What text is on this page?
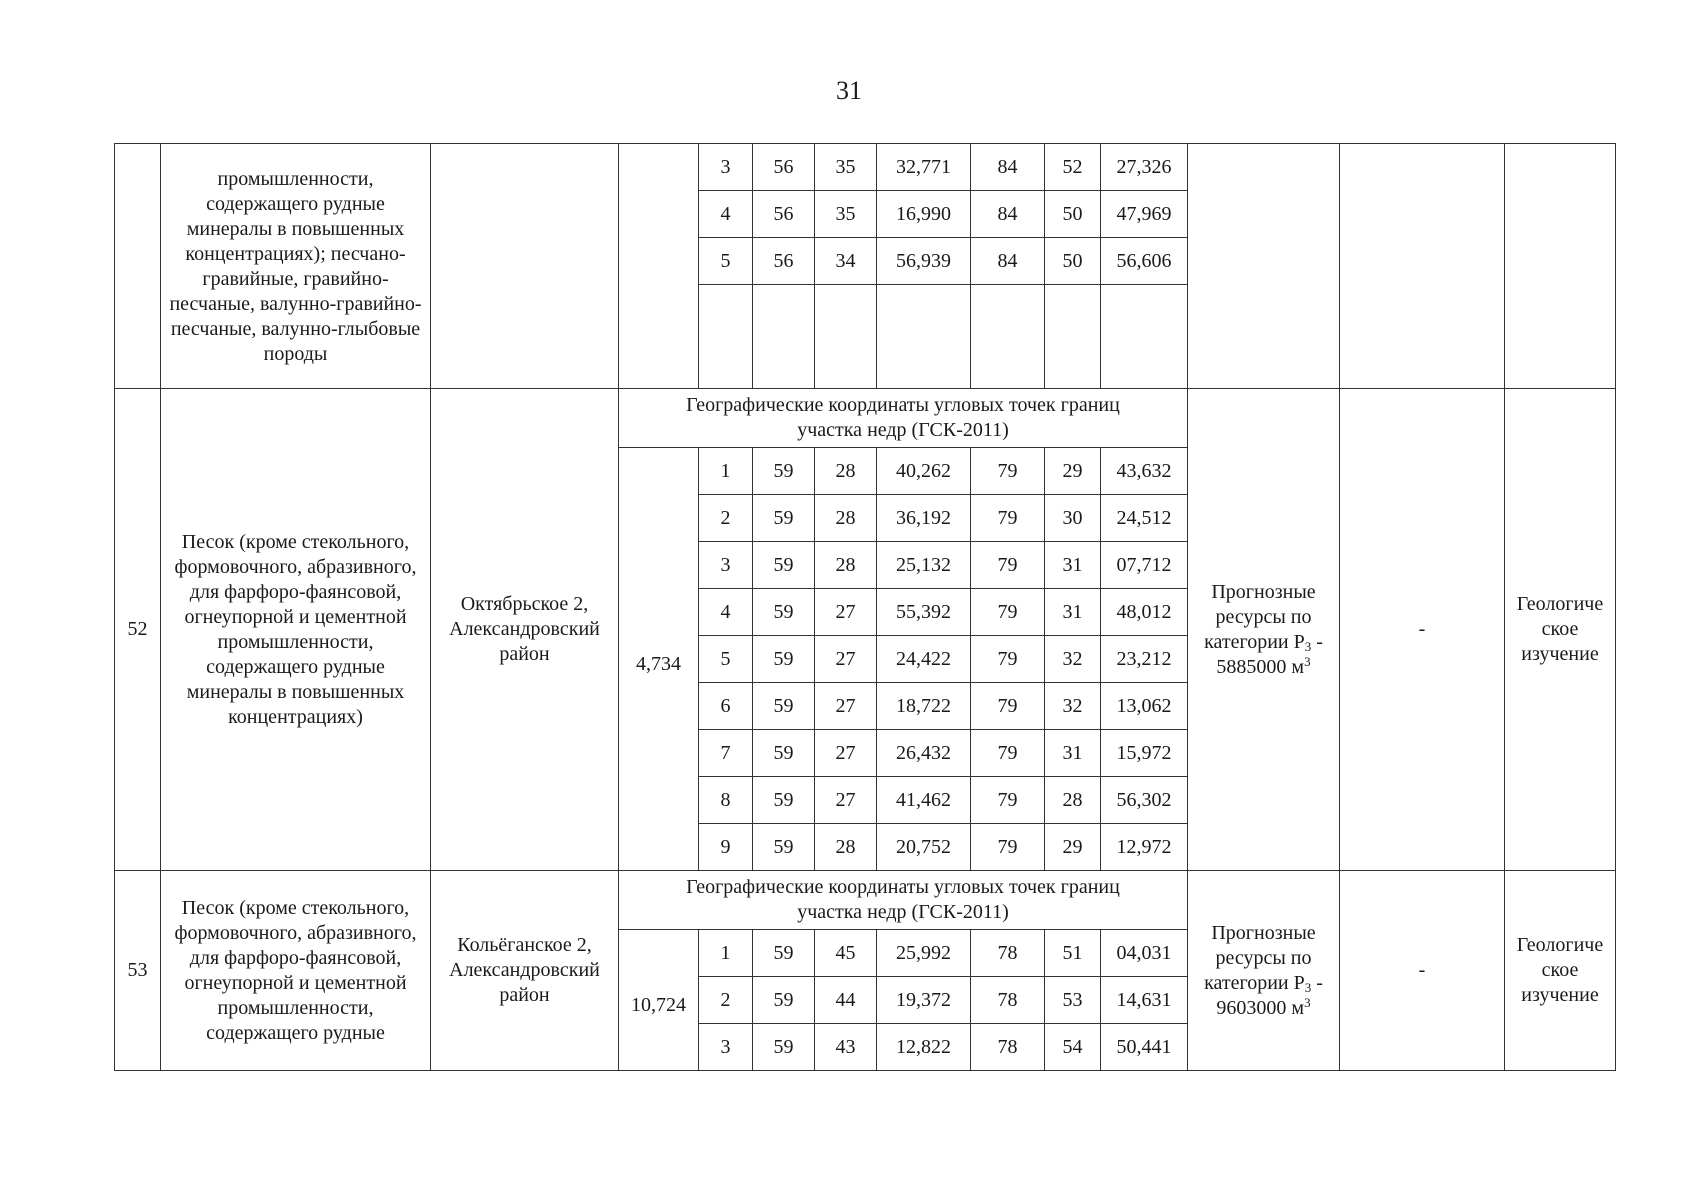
31
	промышленности, содержащего рудные минералы в повышенных концентрациях); песчано-гравийные, гравийно-песчаные, валунно-гравийно-песчаные, валунно-глыбовые породы			3	56	35	32,771	84	52	27,326			
				4	56	35	16,990	84	50	47,969			
				5	56	34	56,939	84	50	56,606			

52	Песок (кроме стекольного, формовочного, абразивного, для фарфоро-фаянсовой, огнеупорной и цементной промышленности, содержащего рудные минералы в повышенных концентрациях)	Октябрьское 2, Александровский район	Географические координаты угловых точек границ участка недр (ГСК-2011)								Прогнозные ресурсы по категории $Р_3 - 5885000$ $м^3$	-	Геологиче ское изучение
			4,734	1	59	28	40,262	79	29	43,632			
				2	59	28	36,192	79	30	24,512			
				3	59	28	25,132	79	31	07,712			
				4	59	27	55,392	79	31	48,012			
				5	59	27	24,422	79	32	23,212			
				6	59	27	18,722	79	32	13,062			
				7	59	27	26,432	79	31	15,972			
				8	59	27	41,462	79	28	56,302			
				9	59	28	20,752	79	29	12,972			
53	Песок (кроме стекольного, формовочного, абразивного, для фарфоро-фаянсовой, огнеупорной и цементной промышленности, содержащего рудные	Кольёганское 2, Александровский район	Географические координаты угловых точек границ участка недр (ГСК-2011)								Прогнозные ресурсы по категории $Р_3 - 9603000$ $м^3$	-	Геологиче ское изучение
			10,724	1	59	45	25,992	78	51	04,031			
				2	59	44	19,372	78	53	14,631			
				3	59	43	12,822	78	54	50,441			
